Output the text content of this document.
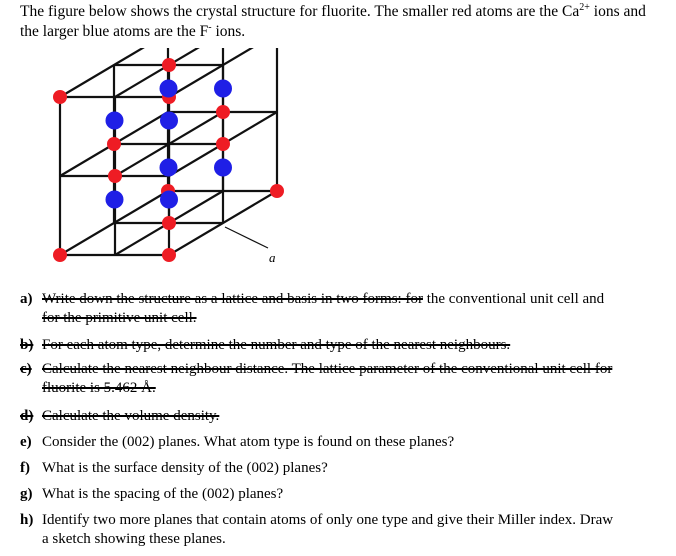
The figure below shows the crystal structure for fluorite. The smaller red atoms are the $Ca^{2+}$ ions and the larger blue atoms are the F- ions.

a
a) Write down the structure as a lattice and basis in two forms: for the conventional unit cell and
for the primitive unit cell.
b) For each atom type, determine the number and type of the nearest neighbours.
c) Calculate the nearest neighbour distance. The lattice parameter of the conventional unit cell for
fluorite is 5.462 Å.
d) Calculate the volume density.
e) Consider the (002) planes. What atom type is found on these planes?
f) What is the surface density of the (002) planes?
g) What is the spacing of the (002) planes?
h) Identify two more planes that contain atoms of only one type and give their Miller index. Draw
a sketch showing these planes.
